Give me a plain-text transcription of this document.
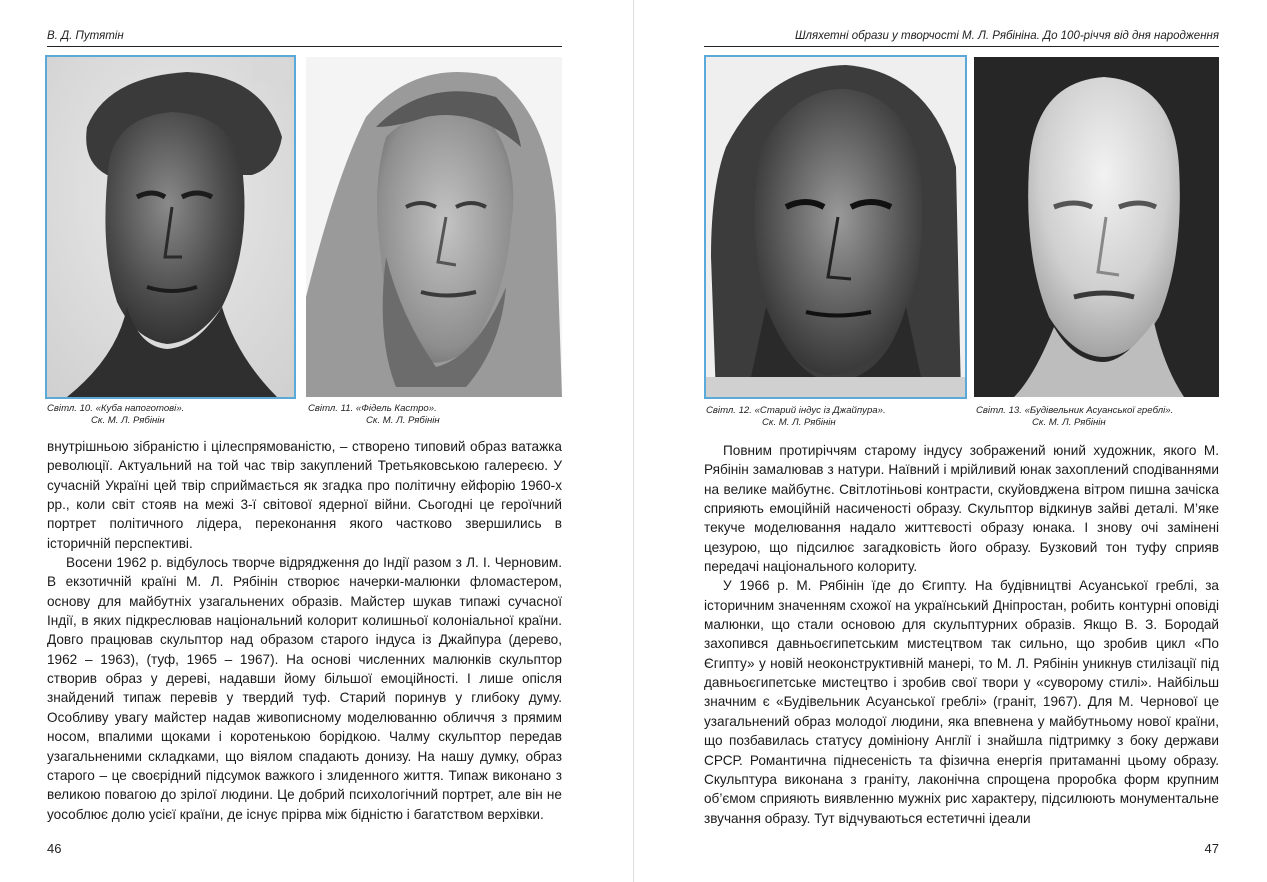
В. Д. Путятін
Світл. 10. «Куба напоготові».
Ск. М. Л. Рябінін
Світл. 11. «Фідель Кастро».
Ск. М. Л. Рябінін

внутрішньою зібраністю і цілеспрямованістю, – створено типовий образ ватажка революції. Актуальний на той час твір закуплений Третьяковською галереєю. У сучасній Україні цей твір сприймається як згадка про політичну ейфорію 1960-х рр., коли світ стояв на межі 3-ї світової ядерної війни. Сьогодні це героїчний портрет політичного лідера, переконання якого частково звершились в історичній перспективі.

Восени 1962 р. відбулось творче відрядження до Індії разом з Л. І. Черновим. В екзотичній країні М. Л. Рябінін створює начерки-малюнки фломастером, основу для майбутніх узагальнених образів. Майстер шукав типажі сучасної Індії, в яких підкреслював національний колорит колишньої колоніальної країни. Довго працював скульптор над образом старого індуса із Джайпура (дерево, 1962 – 1963), (туф, 1965 – 1967). На основі численних малюнків скульптор створив образ у дереві, надавши йому більшої емоційності. І лише опісля знайдений типаж перевів у твердий туф. Старий поринув у глибоку думу. Особливу увагу майстер надав живописному моделюванню обличчя з прямим носом, впалими щоками і коротенькою борідкою. Чалму скульптор передав узагальненими складками, що віялом спадають донизу. На нашу думку, образ старого – це своєрідний підсумок важкого і злиденного життя. Типаж виконано з великою повагою до зрілої людини. Це добрий психологічний портрет, але він не уособлює долю усієї країни, де існує прірва між бідністю і багатством верхівки.

46
Шляхетні образи у творчості М. Л. Рябініна. До 100-річчя від дня народження
Світл. 12. «Старий індус із Джайпура».
Ск. М. Л. Рябінін
Світл. 13. «Будівельник Асуанської греблі».
Ск. М. Л. Рябінін

Повним протиріччям старому індусу зображений юний художник, якого М. Рябінін замалював з натури. Наївний і мрійливий юнак захоплений сподіваннями на велике майбутнє. Світлотіньові контрасти, скуйовджена вітром пишна зачіска сприяють емоційній насиченості образу. Скульптор відкинув зайві деталі. М’яке текуче моделювання надало життєвості образу юнака. І знову очі замінені цезурою, що підсилює загадковість його образу. Бузковий тон туфу сприяв передачі національного колориту.

У 1966 р. М. Рябінін їде до Єгипту. На будівництві Асуанської греблі, за історичним значенням схожої на український Дніпростан, робить контурні оповіді малюнки, що стали основою для скульптурних образів. Якщо В. З. Бородай захопився давньоєгипетським мистецтвом так сильно, що зробив цикл «По Єгипту» у новій неоконструктивній манері, то М. Л. Рябінін уникнув стилізації під давньоєгипетське мистецтво і зробив свої твори у «суворому стилі». Найбільш значним є «Будівельник Асуанської греблі» (граніт, 1967). Для М. Чернової це узагальнений образ молодої людини, яка впевнена у майбутньому нової країни, що позбавилась статусу домініону Англії і знайшла підтримку з боку держави СРСР. Романтична піднесеність та фізична енергія притаманні цьому образу. Скульптура виконана з граніту, лаконічна спрощена проробка форм крупним об’ємом сприяють виявленню мужніх рис характеру, підсилюють монументальне звучання образу. Тут відчуваються естетичні ідеали

47
